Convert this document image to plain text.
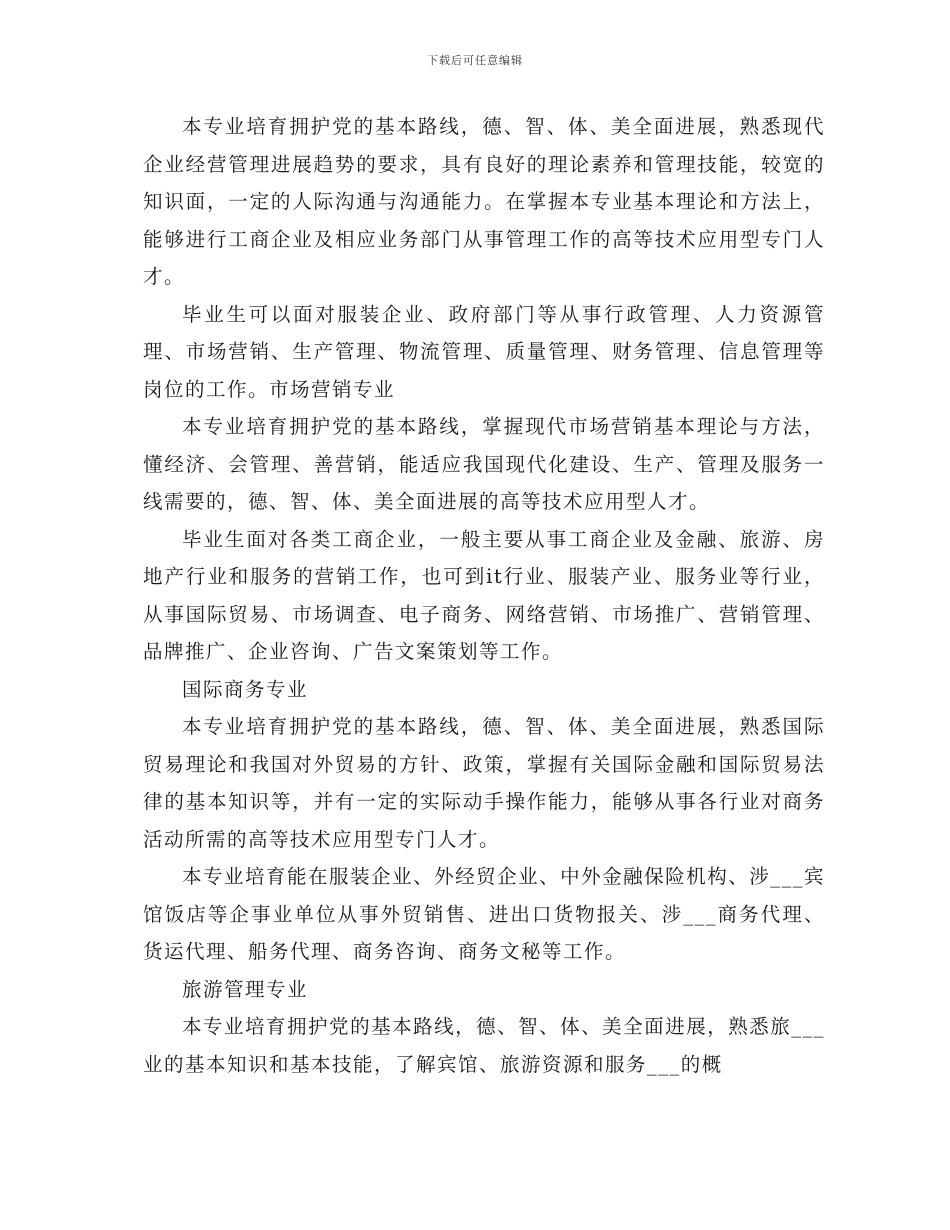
下载后可任意编辑

本专业培育拥护党的基本路线，德、智、体、美全面进展，熟悉现代企业经营管理进展趋势的要求，具有良好的理论素养和管理技能，较宽的知识面，一定的人际沟通与沟通能力。在掌握本专业基本理论和方法上，能够进行工商企业及相应业务部门从事管理工作的高等技术应用型专门人才。

毕业生可以面对服装企业、政府部门等从事行政管理、人力资源管理、市场营销、生产管理、物流管理、质量管理、财务管理、信息管理等岗位的工作。市场营销专业

本专业培育拥护党的基本路线，掌握现代市场营销基本理论与方法，懂经济、会管理、善营销，能适应我国现代化建设、生产、管理及服务一线需要的，德、智、体、美全面进展的高等技术应用型人才。

毕业生面对各类工商企业，一般主要从事工商企业及金融、旅游、房地产行业和服务的营销工作，也可到it行业、服装产业、服务业等行业，从事国际贸易、市场调查、电子商务、网络营销、市场推广、营销管理、品牌推广、企业咨询、广告文案策划等工作。

国际商务专业

本专业培育拥护党的基本路线，德、智、体、美全面进展，熟悉国际贸易理论和我国对外贸易的方针、政策，掌握有关国际金融和国际贸易法律的基本知识等，并有一定的实际动手操作能力，能够从事各行业对商务活动所需的高等技术应用型专门人才。

本专业培育能在服装企业、外经贸企业、中外金融保险机构、涉___宾馆饭店等企事业单位从事外贸销售、进出口货物报关、涉___商务代理、货运代理、船务代理、商务咨询、商务文秘等工作。

旅游管理专业

本专业培育拥护党的基本路线，德、智、体、美全面进展，熟悉旅___业的基本知识和基本技能，了解宾馆、旅游资源和服务___的概
